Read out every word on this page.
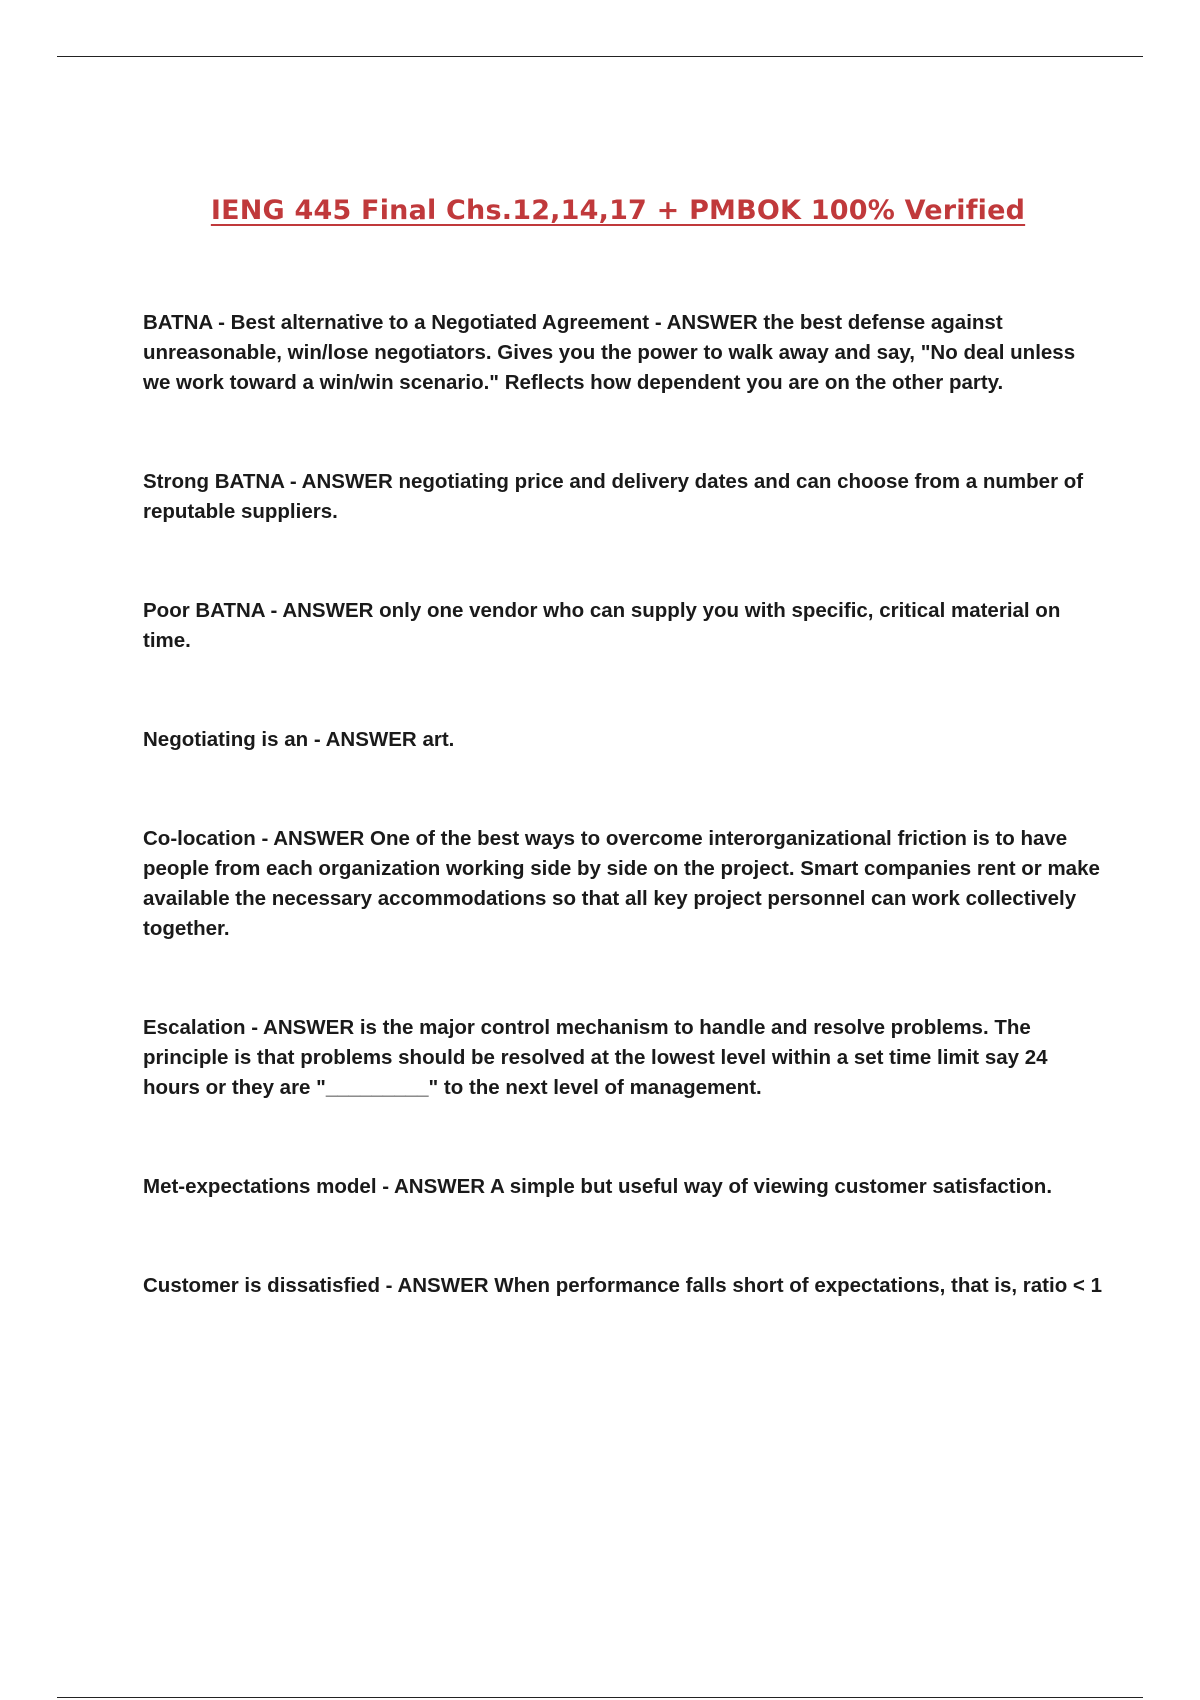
IENG 445 Final Chs.12,14,17 + PMBOK 100% Verified

BATNA - Best alternative to a Negotiated Agreement - ANSWER the best defense against unreasonable, win/lose negotiators. Gives you the power to walk away and say, "No deal unless we work toward a win/win scenario." Reflects how dependent you are on the other party.

Strong BATNA - ANSWER negotiating price and delivery dates and can choose from a number of reputable suppliers.

Poor BATNA - ANSWER only one vendor who can supply you with specific, critical material on time.

Negotiating is an - ANSWER art.

Co-location - ANSWER One of the best ways to overcome interorganizational friction is to have people from each organization working side by side on the project. Smart companies rent or make available the necessary accommodations so that all key project personnel can work collectively together.

Escalation - ANSWER is the major control mechanism to handle and resolve problems. The principle is that problems should be resolved at the lowest level within a set time limit say 24 hours or they are "_________" to the next level of management.

Met-expectations model - ANSWER A simple but useful way of viewing customer satisfaction.

Customer is dissatisfied - ANSWER When performance falls short of expectations, that is, ratio < 1
